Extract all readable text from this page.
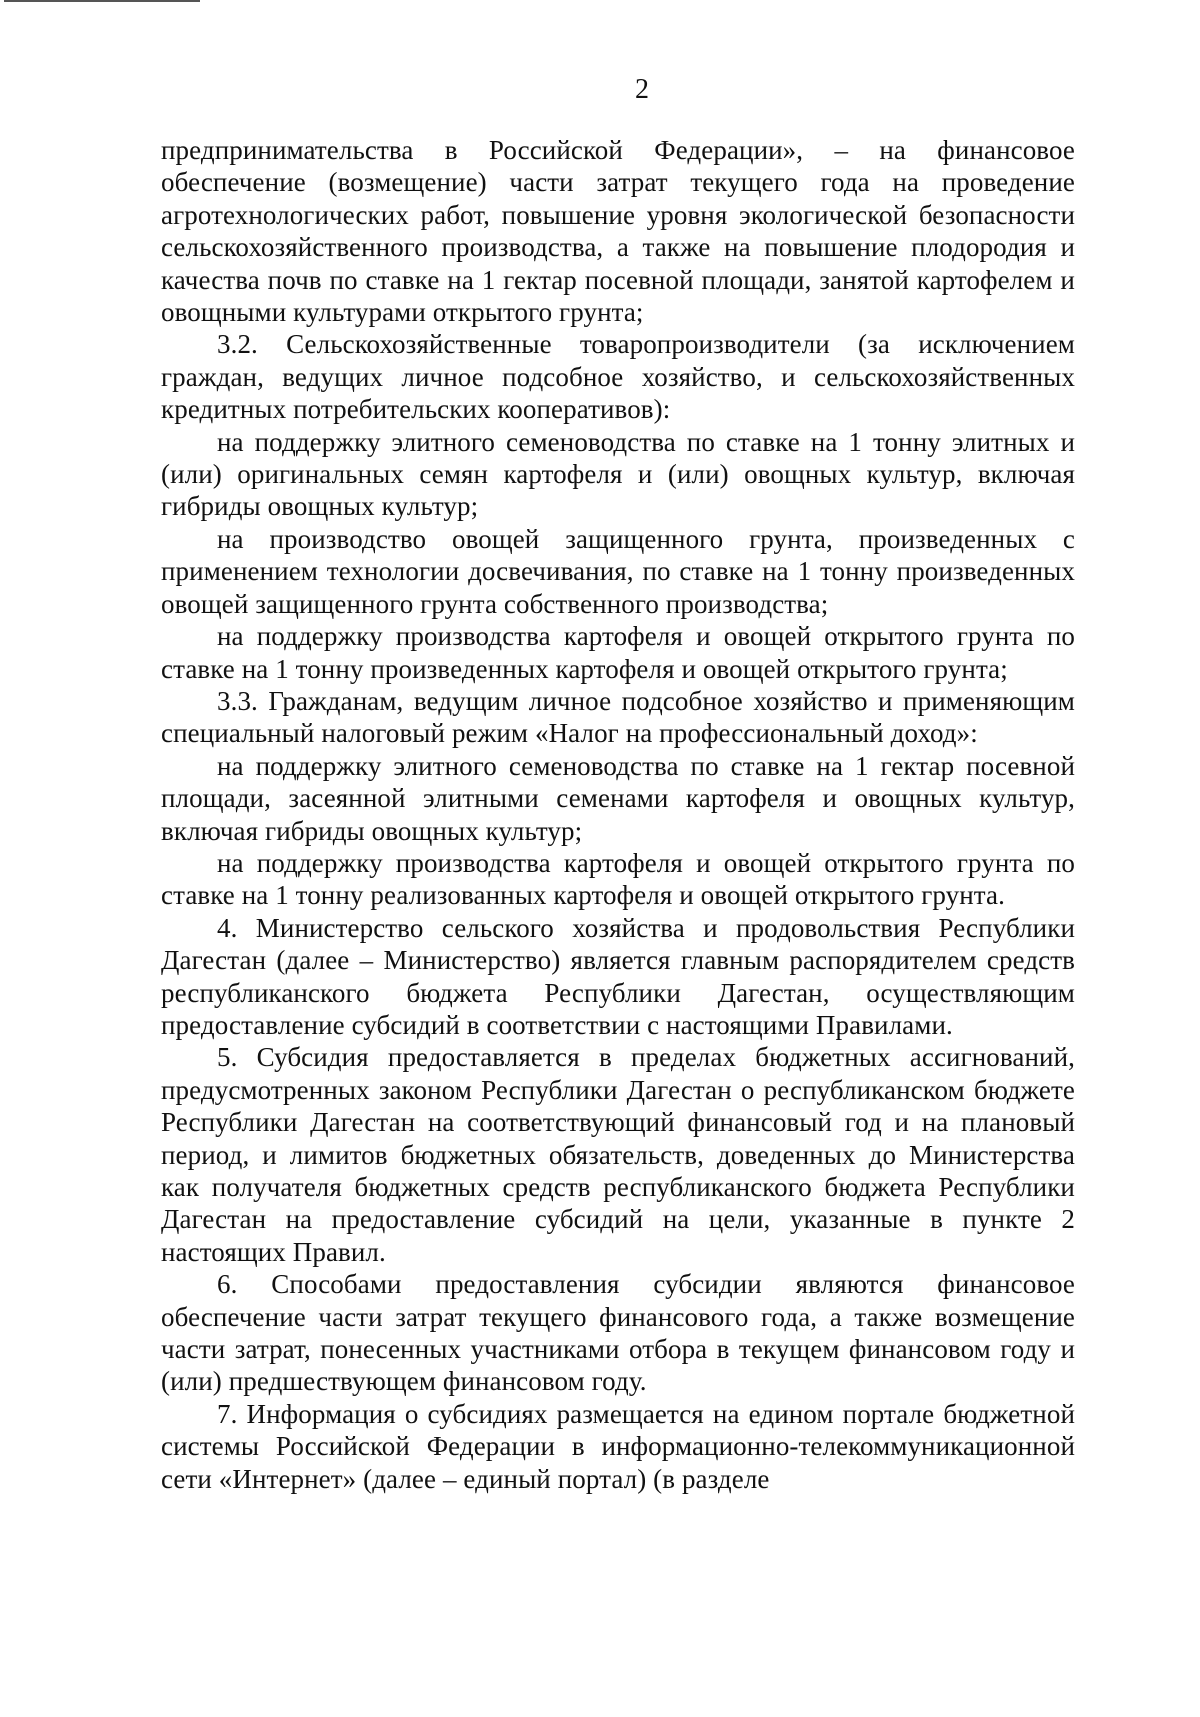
2

предпринимательства в Российской Федерации», – на финансовое обеспечение (возмещение) части затрат текущего года на проведение агротехнологических работ, повышение уровня экологической безопасности сельскохозяйственного производства, а также на повышение плодородия и качества почв по ставке на 1 гектар посевной площади, занятой картофелем и овощными культурами открытого грунта;

3.2. Сельскохозяйственные товаропроизводители (за исключением граждан, ведущих личное подсобное хозяйство, и сельскохозяйственных кредитных потребительских кооперативов):

на поддержку элитного семеноводства по ставке на 1 тонну элитных и (или) оригинальных семян картофеля и (или) овощных культур, включая гибриды овощных культур;

на производство овощей защищенного грунта, произведенных с применением технологии досвечивания, по ставке на 1 тонну произведенных овощей защищенного грунта собственного производства;

на поддержку производства картофеля и овощей открытого грунта по ставке на 1 тонну произведенных картофеля и овощей открытого грунта;

3.3. Гражданам, ведущим личное подсобное хозяйство и применяющим специальный налоговый режим «Налог на профессиональный доход»:

на поддержку элитного семеноводства по ставке на 1 гектар посевной площади, засеянной элитными семенами картофеля и овощных культур, включая гибриды овощных культур;

на поддержку производства картофеля и овощей открытого грунта по ставке на 1 тонну реализованных картофеля и овощей открытого грунта.

4. Министерство сельского хозяйства и продовольствия Республики Дагестан (далее – Министерство) является главным распорядителем средств республиканского бюджета Республики Дагестан, осуществляющим предоставление субсидий в соответствии с настоящими Правилами.

5. Субсидия предоставляется в пределах бюджетных ассигнований, предусмотренных законом Республики Дагестан о республиканском бюджете Республики Дагестан на соответствующий финансовый год и на плановый период, и лимитов бюджетных обязательств, доведенных до Министерства как получателя бюджетных средств республиканского бюджета Республики Дагестан на предоставление субсидий на цели, указанные в пункте 2 настоящих Правил.

6. Способами предоставления субсидии являются финансовое обеспечение части затрат текущего финансового года, а также возмещение части затрат, понесенных участниками отбора в текущем финансовом году и (или) предшествующем финансовом году.

7. Информация о субсидиях размещается на едином портале бюджетной системы Российской Федерации в информационно-телекоммуникационной сети «Интернет» (далее – единый портал) (в разделе
